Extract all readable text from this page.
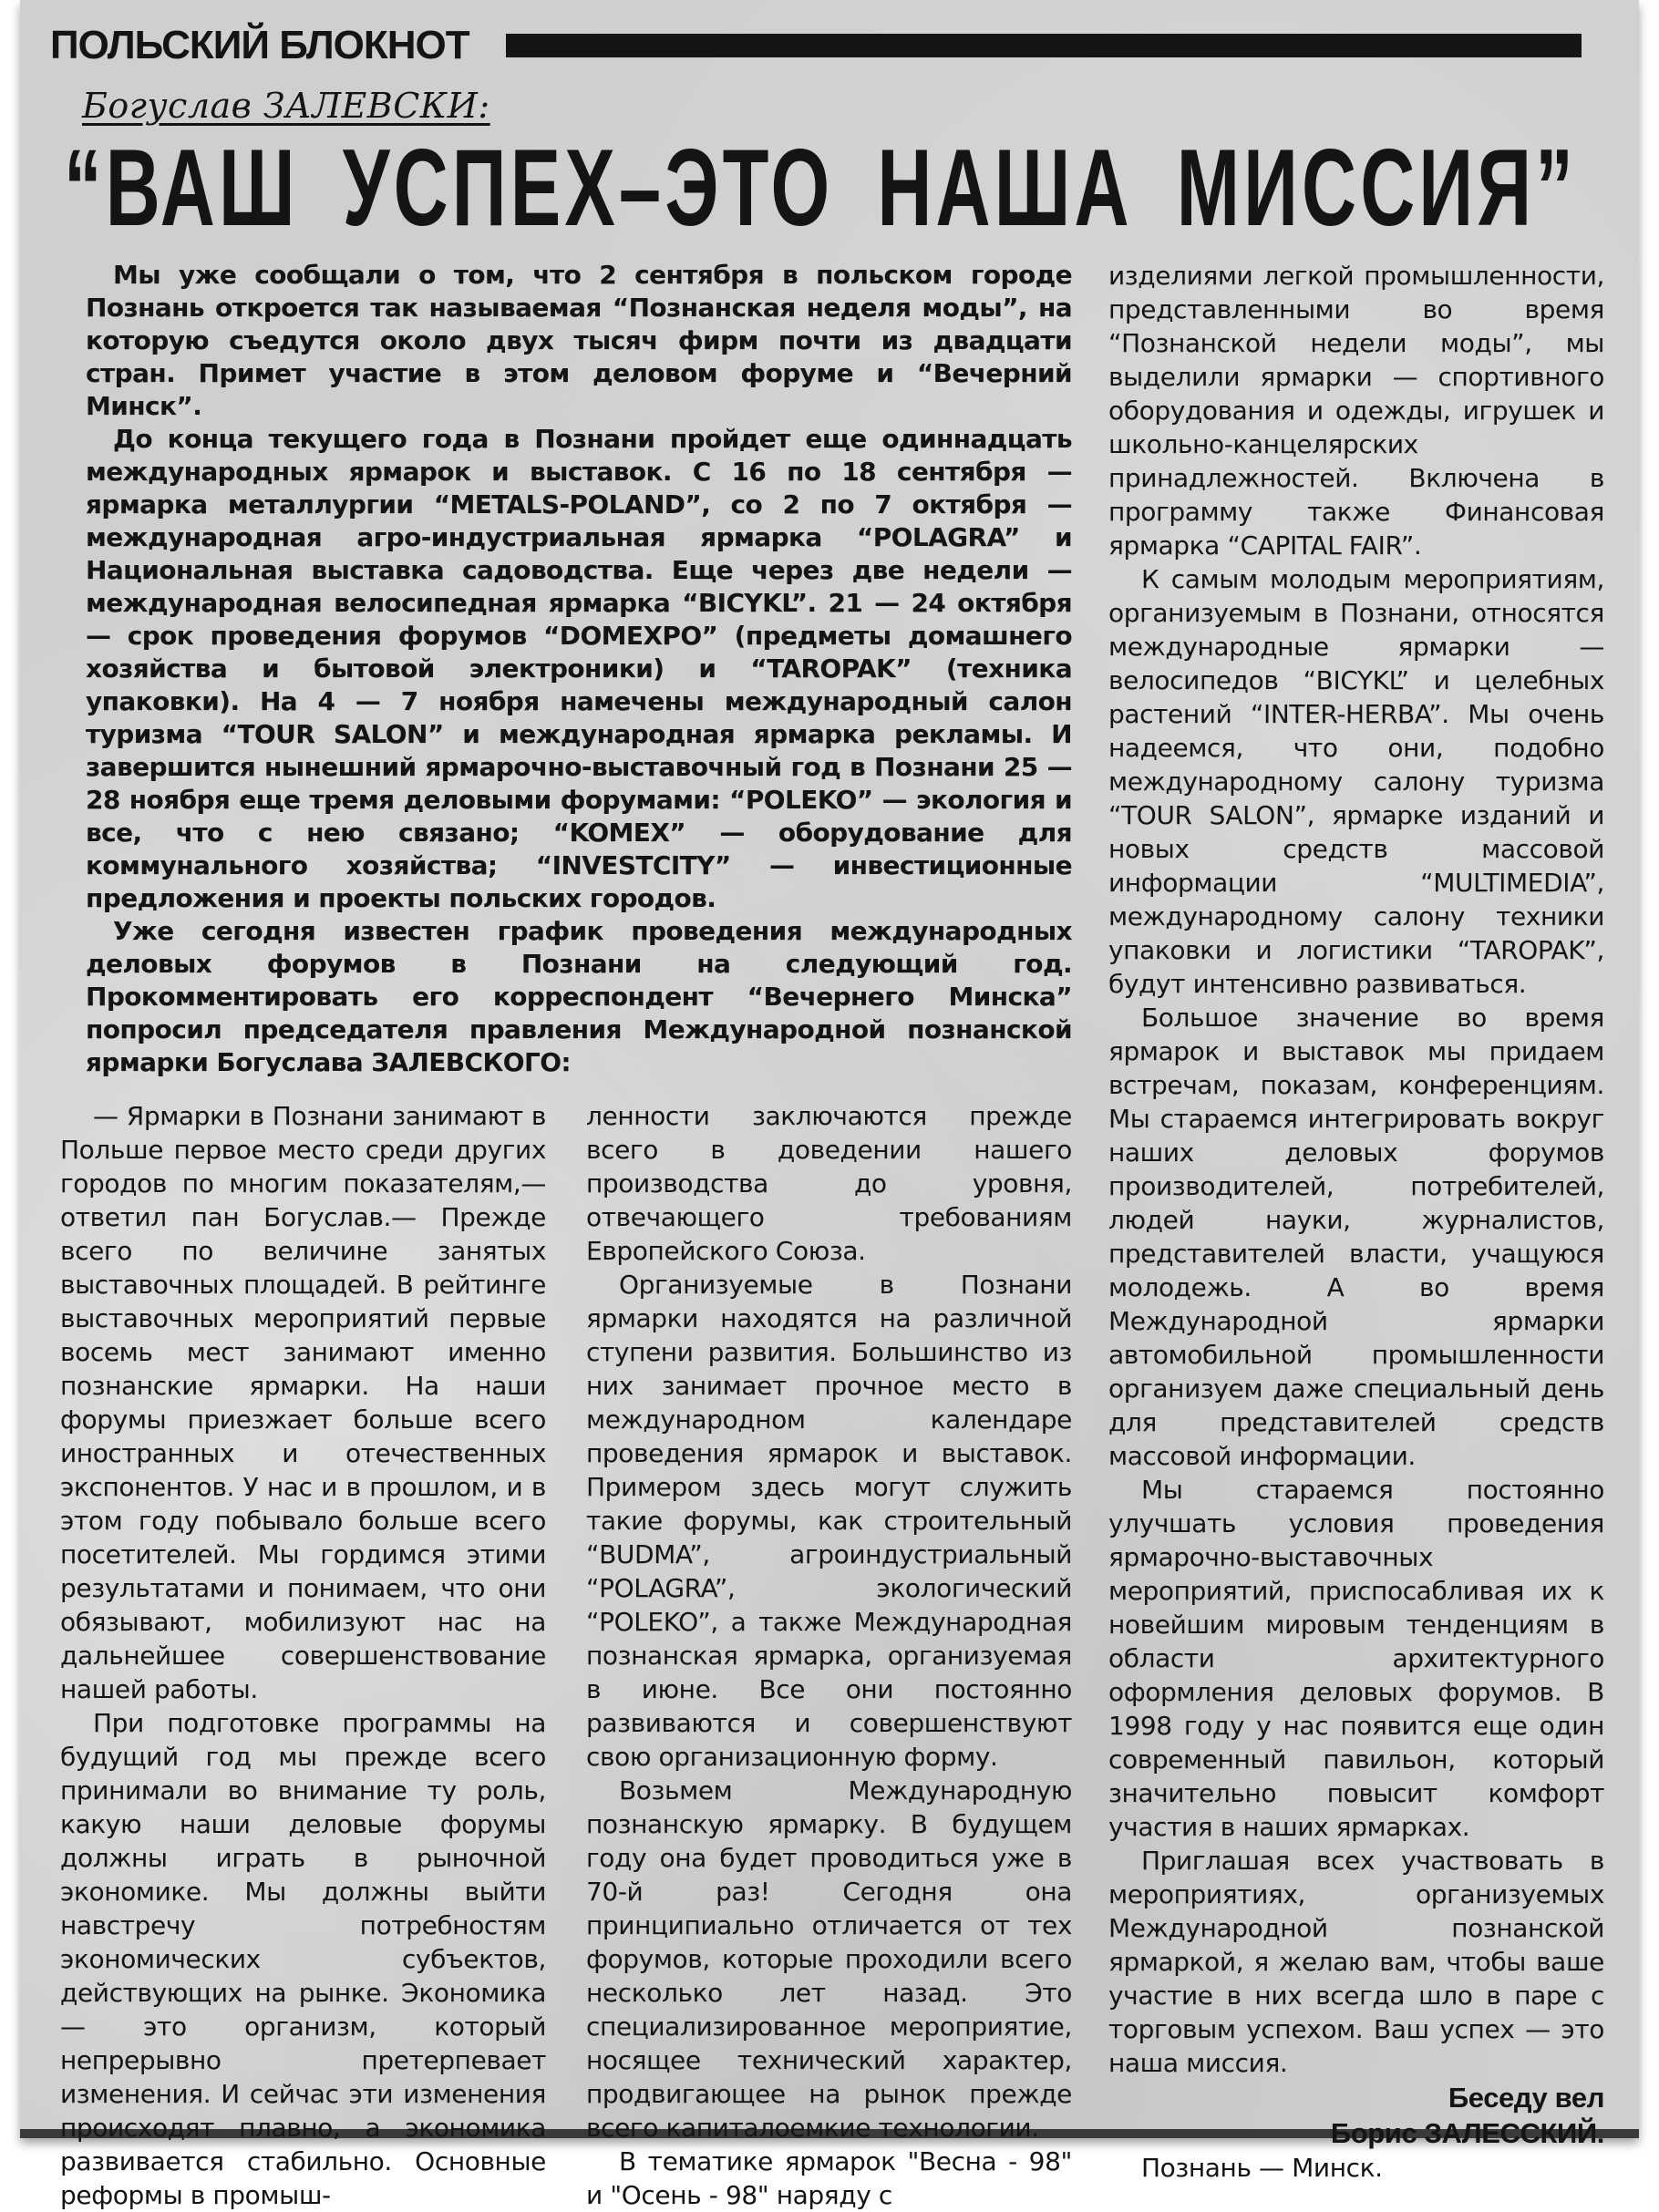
ПОЛЬСКИЙ БЛОКНОТ
Богуслав ЗАЛЕВСКИ:
“ВАШ УСПЕХ–ЭТО НАША МИССИЯ”

Мы уже сообщали о том, что 2 сентября в польском городе Познань откроется так называемая “Познанская неделя моды”, на которую съедутся около двух тысяч фирм почти из двадцати стран. Примет участие в этом деловом форуме и “Вечерний Минск”.

До конца текущего года в Познани пройдет еще одиннадцать международных ярмарок и выставок. С 16 по 18 сентября — ярмарка металлургии “METALS-POLAND”, со 2 по 7 октября — международная агро-индустриальная ярмарка “POLAGRA” и Национальная выставка садоводства. Еще через две недели — международная велосипедная ярмарка “BICYKL”. 21 — 24 октября — срок проведения форумов “DOMEXPO” (предметы домашнего хозяйства и бытовой электроники) и “TAROPAK” (техника упаковки). На 4 — 7 ноября намечены международный салон туризма “TOUR SALON” и международная ярмарка рекламы. И завершится нынешний ярмарочно-выставочный год в Познани 25 — 28 ноября еще тремя деловыми форумами: “POLEKO” — экология и все, что с нею связано; “KOMEX” — оборудование для коммунального хозяйства; “INVESTCITY” — инвестиционные предложения и проекты польских городов.

Уже сегодня известен график проведения международных деловых форумов в Познани на следующий год. Прокомментировать его корреспондент “Вечернего Минска” попросил председателя правления Международной познанской ярмарки Богуслава ЗАЛЕВСКОГО:

— Ярмарки в Познани занимают в Польше первое место среди других городов по многим показателям,— ответил пан Богуслав.— Прежде всего по величине занятых выставочных площадей. В рейтинге выставочных мероприятий первые восемь мест занимают именно познанские ярмарки. На наши форумы приезжает больше всего иностранных и отечественных экспонентов. У нас и в прошлом, и в этом году побывало больше всего посетителей. Мы гордимся этими результатами и понимаем, что они обязывают, мобилизуют нас на дальнейшее совершенствование нашей работы.

При подготовке программы на будущий год мы прежде всего принимали во внимание ту роль, какую наши деловые форумы должны играть в рыночной экономике. Мы должны выйти навстречу потребностям экономических субъектов, действующих на рынке. Экономика — это организм, который непрерывно претерпевает изменения. И сейчас эти изменения происходят плавно, а экономика развивается стабильно. Основные реформы в промыш-

ленности заключаются прежде всего в доведении нашего производства до уровня, отвечающего требованиям Европейского Союза.

Организуемые в Познани ярмарки находятся на различной ступени развития. Большинство из них занимает прочное место в международном календаре проведения ярмарок и выставок. Примером здесь могут служить такие форумы, как строительный “BUDMA”, агроиндустриальный “POLAGRA”, экологический “POLEKO”, а также Международная познанская ярмарка, организуемая в июне. Все они постоянно развиваются и совершенствуют свою организационную форму.

Возьмем Международную познанскую ярмарку. В будущем году она будет проводиться уже в 70-й раз! Сегодня она принципиально отличается от тех форумов, которые проходили всего несколько лет назад. Это специализированное мероприятие, носящее технический характер, продвигающее на рынок прежде всего капиталоемкие технологии.

В тематике ярмарок "Весна - 98" и "Осень - 98" наряду с

изделиями легкой промышленности, представленными во время “Познанской недели моды”, мы выделили ярмарки — спортивного оборудования и одежды, игрушек и школьно-канцелярских принадлежностей. Включена в программу также Финансовая ярмарка “CAPITAL FAIR”.

К самым молодым мероприятиям, организуемым в Познани, относятся международные ярмарки — велосипедов “BICYKL” и целебных растений “INTER-HERBA”. Мы очень надеемся, что они, подобно международному салону туризма “TOUR SALON”, ярмарке изданий и новых средств массовой информации “MULTIMEDIA”, международному салону техники упаковки и логистики “TAROPAK”, будут интенсивно развиваться.

Большое значение во время ярмарок и выставок мы придаем встречам, показам, конференциям. Мы стараемся интегрировать вокруг наших деловых форумов производителей, потребителей, людей науки, журналистов, представителей власти, учащуюся молодежь. А во время Международной ярмарки автомобильной промышленности организуем даже специальный день для представителей средств массовой информации.

Мы стараемся постоянно улучшать условия проведения ярмарочно-выставочных мероприятий, приспосабливая их к новейшим мировым тенденциям в области архитектурного оформления деловых форумов. В 1998 году у нас появится еще один современный павильон, который значительно повысит комфорт участия в наших ярмарках.

Приглашая всех участвовать в мероприятиях, организуемых Международной познанской ярмаркой, я желаю вам, чтобы ваше участие в них всегда шло в паре с торговым успехом. Ваш успех — это наша миссия.

Беседу вел
Борис ЗАЛЕССКИЙ.
Познань — Минск.
